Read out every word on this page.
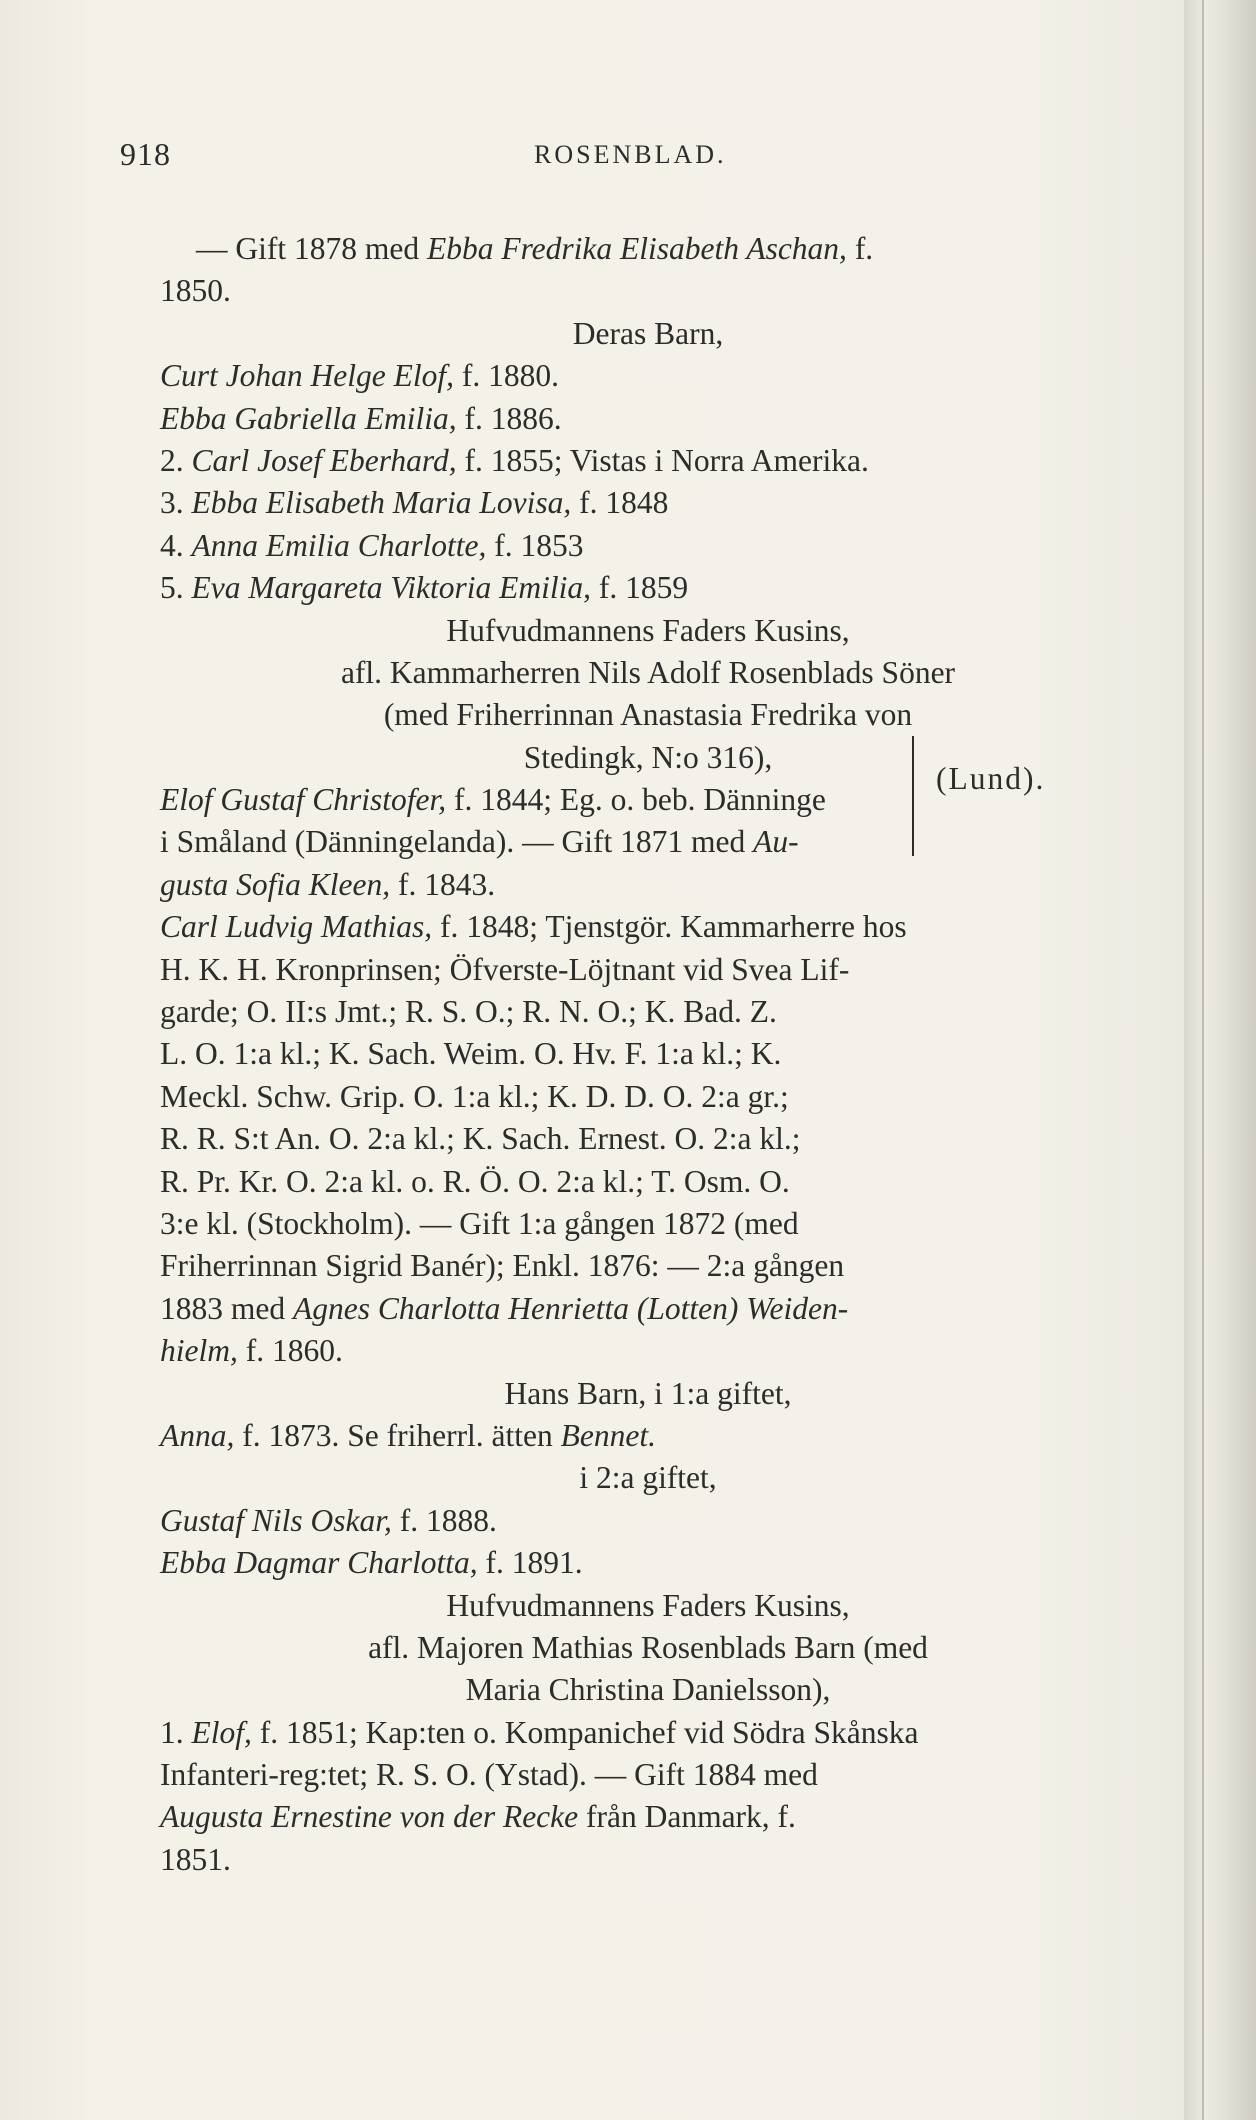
918	ROSENBLAD.
— Gift 1878 med Ebba Fredrika Elisabeth Aschan, f.
1850.
Deras Barn,
Curt Johan Helge Elof, f. 1880.
Ebba Gabriella Emilia, f. 1886.
2. Carl Josef Eberhard, f. 1855; Vistas i Norra Amerika.
3. Ebba Elisabeth Maria Lovisa, f. 1848
4. Anna Emilia Charlotte, f. 1853
5. Eva Margareta Viktoria Emilia, f. 1859
Hufvudmannens Faders Kusins,
afl. Kammarherren Nils Adolf Rosenblads Söner
(med Friherrinnan Anastasia Fredrika von
Stedingk, N:o 316),
Elof Gustaf Christofer, f. 1844; Eg. o. beb. Dänninge
i Småland (Dänningelanda). — Gift 1871 med Au-
gusta Sofia Kleen, f. 1843.
Carl Ludvig Mathias, f. 1848; Tjenstgör. Kammarherre hos
H. K. H. Kronprinsen; Öfverste-Löjtnant vid Svea Lif-
garde; O. II:s Jmt.; R. S. O.; R. N. O.; K. Bad. Z.
L. O. 1:a kl.; K. Sach. Weim. O. Hv. F. 1:a kl.; K.
Meckl. Schw. Grip. O. 1:a kl.; K. D. D. O. 2:a gr.;
R. R. S:t An. O. 2:a kl.; K. Sach. Ernest. O. 2:a kl.;
R. Pr. Kr. O. 2:a kl. o. R. Ö. O. 2:a kl.; T. Osm. O.
3:e kl. (Stockholm). — Gift 1:a gången 1872 (med
Friherrinnan Sigrid Banér); Enkl. 1876: — 2:a gången
1883 med Agnes Charlotta Henrietta (Lotten) Weiden-
hielm, f. 1860.
Hans Barn, i 1:a giftet,
Anna, f. 1873. Se friherrl. ätten Bennet.
i 2:a giftet,
Gustaf Nils Oskar, f. 1888.
Ebba Dagmar Charlotta, f. 1891.
Hufvudmannens Faders Kusins,
afl. Majoren Mathias Rosenblads Barn (med
Maria Christina Danielsson),
1. Elof, f. 1851; Kap:ten o. Kompanichef vid Södra Skånska
Infanteri-reg:tet; R. S. O. (Ystad). — Gift 1884 med
Augusta Ernestine von der Recke från Danmark, f.
1851.
(Lund).
